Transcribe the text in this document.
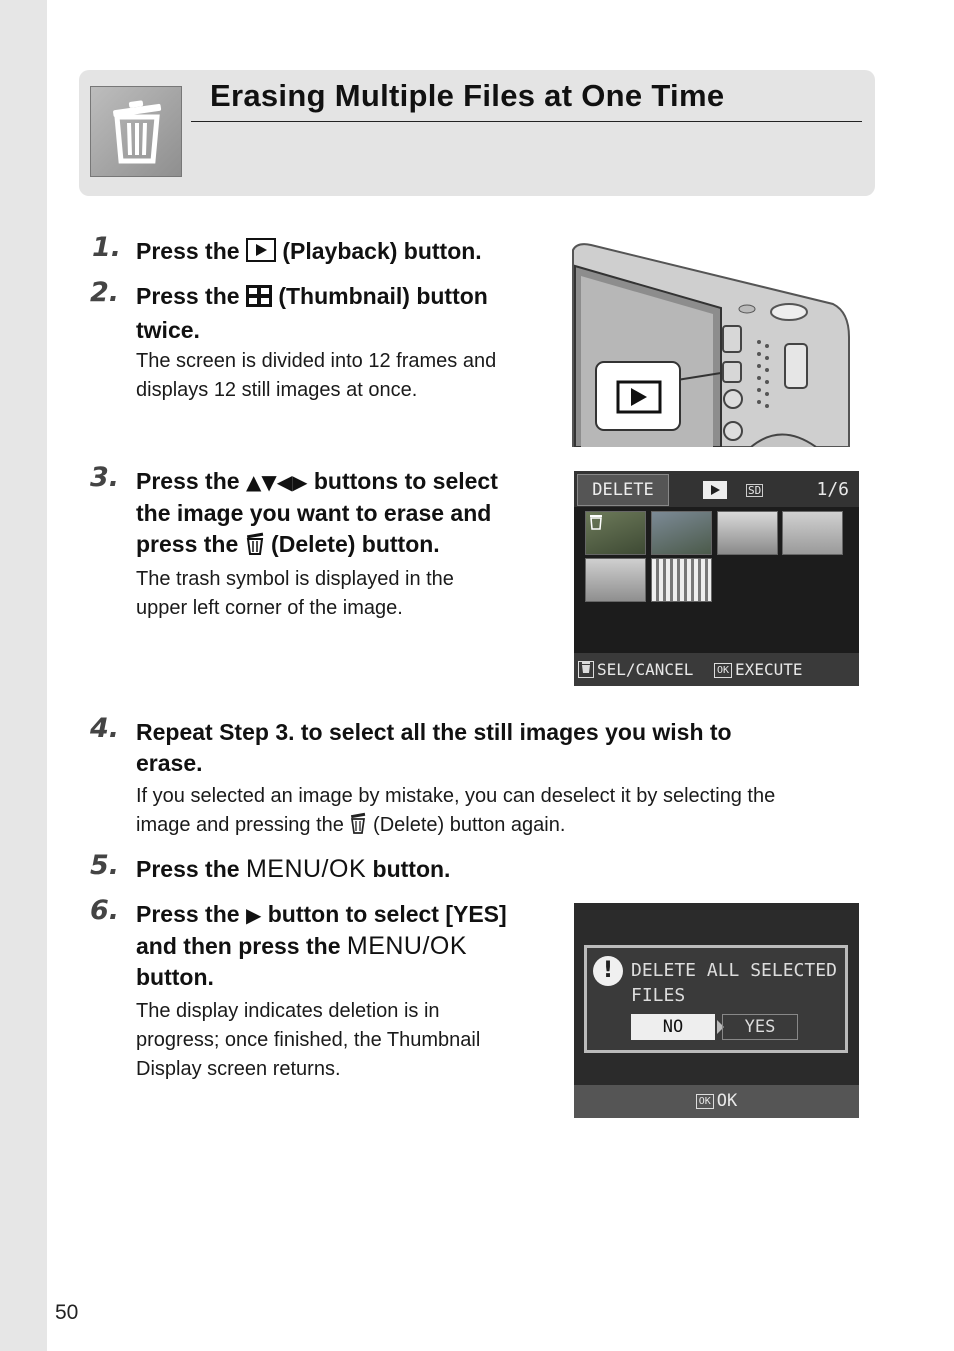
50
Erasing Multiple Files at One Time
1. Press the (Playback) button.
2. Press the (Thumbnail) button
twice.
The screen is divided into 12 frames and
displays 12 still images at once.
3. Press the ▲▼◀▶ buttons to select
the image you want to erase and
press the (Delete) button.
The trash symbol is displayed in the
upper left corner of the image.
DELETE	SD	1/6
SEL/CANCEL	OK EXECUTE
4. Repeat Step 3. to select all the still images you wish to
erase.
If you selected an image by mistake, you can deselect it by selecting the
image and pressing the (Delete) button again.
5. Press the MENU/OK button.
6. Press the ▶ button to select [YES]
and then press the MENU/OK
button.
The display indicates deletion is in
progress; once finished, the Thumbnail
Display screen returns.
! DELETE ALL SELECTED
FILES
NO	YES
OK OK
